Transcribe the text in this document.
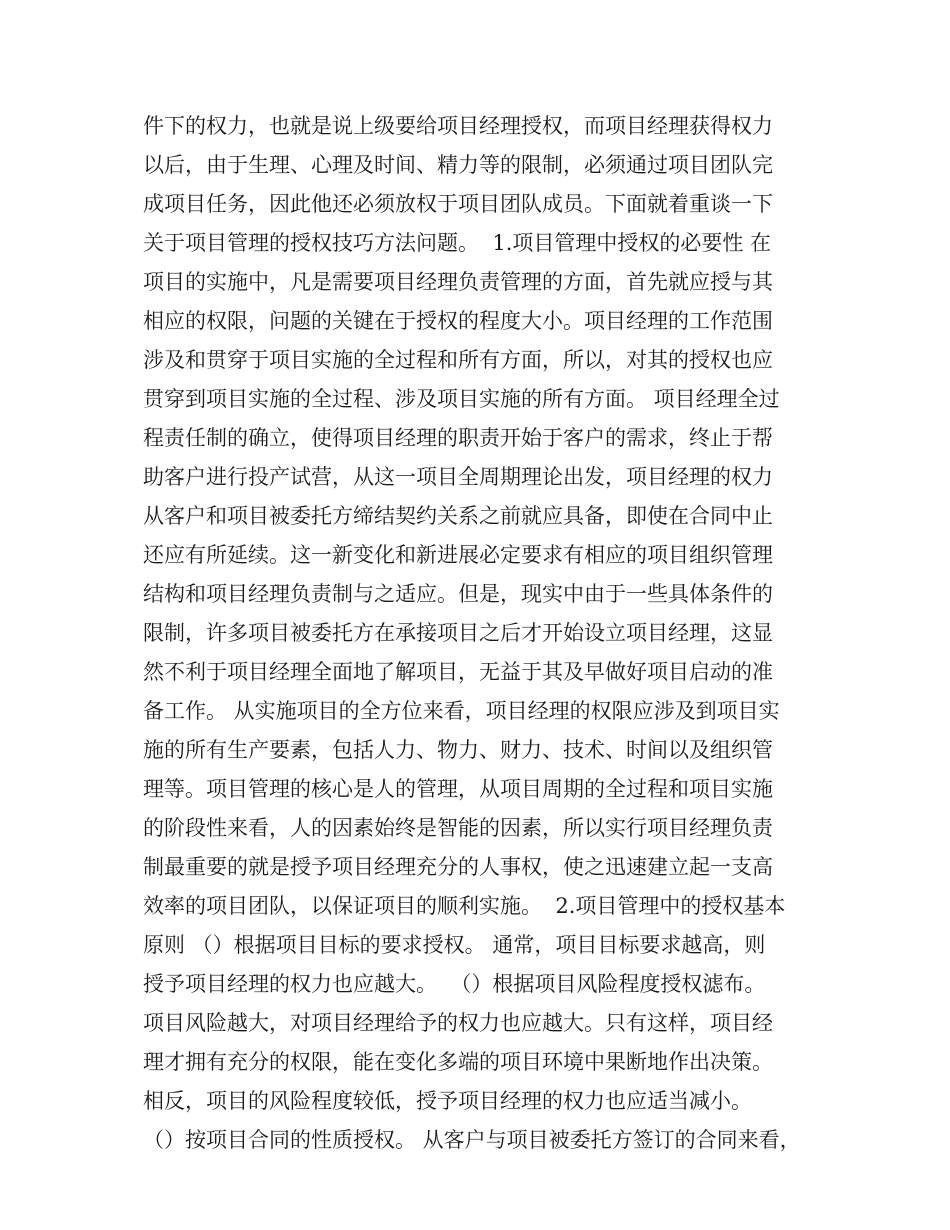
件下的权力，也就是说上级要给项目经理授权，而项目经理获得权力
以后，由于生理、心理及时间、精力等的限制，必须通过项目团队完
成项目任务，因此他还必须放权于项目团队成员。下面就着重谈一下
关于项目管理的授权技巧方法问题。  1.项目管理中授权的必要性 在
项目的实施中，凡是需要项目经理负责管理的方面，首先就应授与其
相应的权限，问题的关键在于授权的程度大小。项目经理的工作范围
涉及和贯穿于项目实施的全过程和所有方面，所以，对其的授权也应
贯穿到项目实施的全过程、涉及项目实施的所有方面。 项目经理全过
程责任制的确立，使得项目经理的职责开始于客户的需求，终止于帮
助客户进行投产试营，从这一项目全周期理论出发，项目经理的权力
从客户和项目被委托方缔结契约关系之前就应具备，即使在合同中止
还应有所延续。这一新变化和新进展必定要求有相应的项目组织管理
结构和项目经理负责制与之适应。但是，现实中由于一些具体条件的
限制，许多项目被委托方在承接项目之后才开始设立项目经理，这显
然不利于项目经理全面地了解项目，无益于其及早做好项目启动的准
备工作。 从实施项目的全方位来看，项目经理的权限应涉及到项目实
施的所有生产要素，包括人力、物力、财力、技术、时间以及组织管
理等。项目管理的核心是人的管理，从项目周期的全过程和项目实施
的阶段性来看，人的因素始终是智能的因素，所以实行项目经理负责
制最重要的就是授予项目经理充分的人事权，使之迅速建立起一支高
效率的项目团队，以保证项目的顺利实施。  2.项目管理中的授权基本
原则 （）根据项目目标的要求授权。 通常，项目目标要求越高，则
授予项目经理的权力也应越大。  （）根据项目风险程度授权滤布。
项目风险越大，对项目经理给予的权力也应越大。只有这样，项目经
理才拥有充分的权限，能在变化多端的项目环境中果断地作出决策。
相反，项目的风险程度较低，授予项目经理的权力也应适当减小。
（）按项目合同的性质授权。 从客户与项目被委托方签订的合同来看，
